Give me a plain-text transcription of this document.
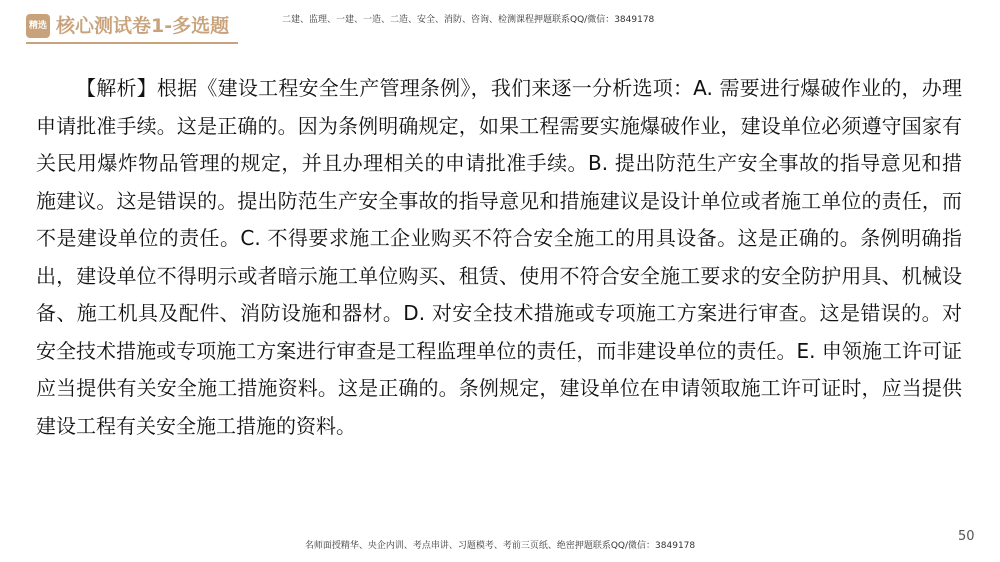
精选 核心测试卷1-多选题	二建、监理、一建、一造、二造、安全、消防、咨询、检测课程押题联系QQ/微信：3849178

【解析】根据《建设工程安全生产管理条例》，我们来逐一分析选项：A. 需要进行爆破作业的，办理申请批准手续。这是正确的。因为条例明确规定，如果工程需要实施爆破作业，建设单位必须遵守国家有关民用爆炸物品管理的规定，并且办理相关的申请批准手续。B. 提出防范生产安全事故的指导意见和措施建议。这是错误的。提出防范生产安全事故的指导意见和措施建议是设计单位或者施工单位的责任，而不是建设单位的责任。C. 不得要求施工企业购买不符合安全施工的用具设备。这是正确的。条例明确指出，建设单位不得明示或者暗示施工单位购买、租赁、使用不符合安全施工要求的安全防护用具、机械设备、施工机具及配件、消防设施和器材。D. 对安全技术措施或专项施工方案进行审查。这是错误的。对安全技术措施或专项施工方案进行审查是工程监理单位的责任，而非建设单位的责任。E. 申领施工许可证应当提供有关安全施工措施资料。这是正确的。条例规定，建设单位在申请领取施工许可证时，应当提供建设工程有关安全施工措施的资料。

名师面授精华、央企内训、考点串讲、习题模考、考前三页纸、绝密押题联系QQ/微信：3849178
50
